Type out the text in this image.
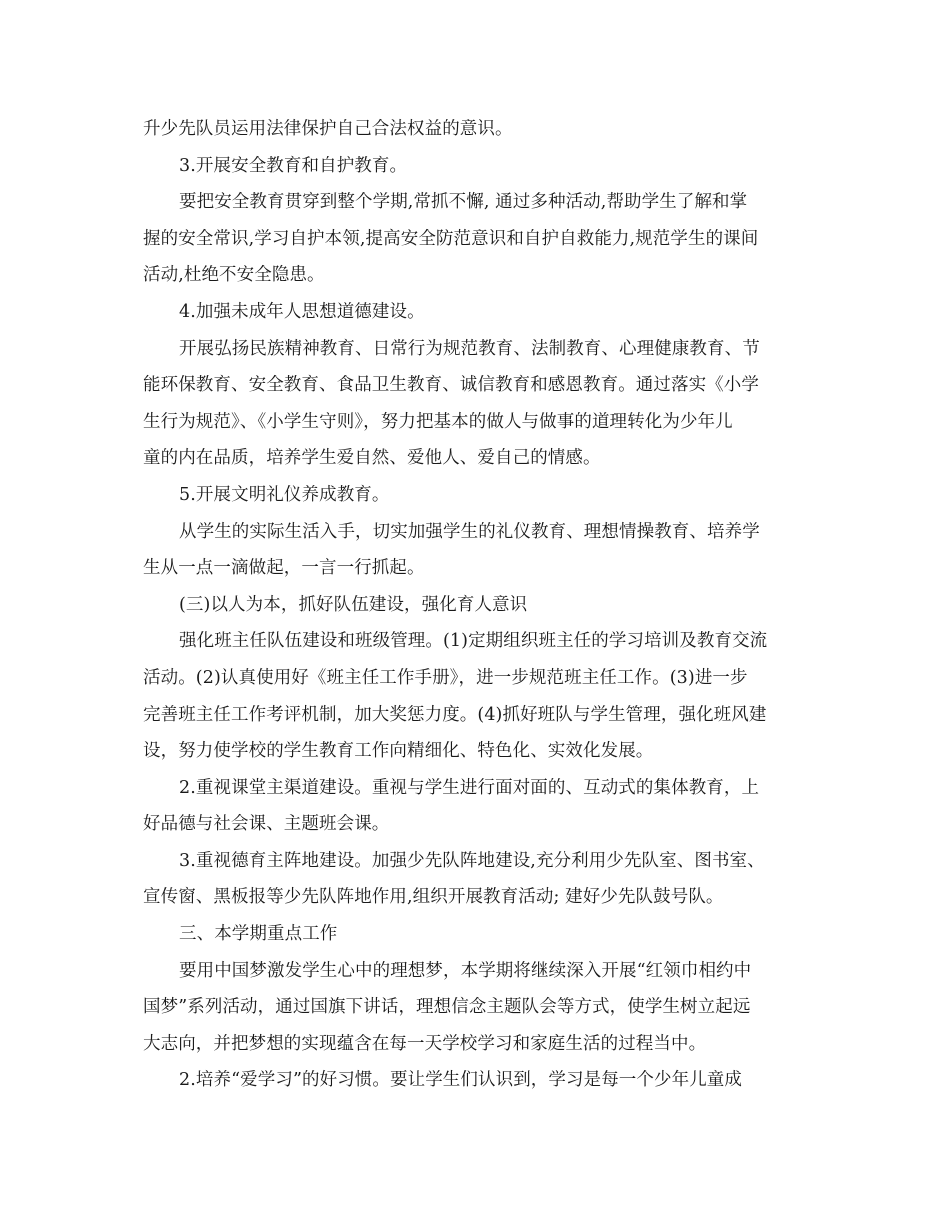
升少先队员运用法律保护自己合法权益的意识。
3.开展安全教育和自护教育。
要把安全教育贯穿到整个学期,常抓不懈, 通过多种活动,帮助学生了解和掌
握的安全常识,学习自护本领,提高安全防范意识和自护自救能力,规范学生的课间
活动,杜绝不安全隐患。
4.加强未成年人思想道德建设。
开展弘扬民族精神教育、日常行为规范教育、法制教育、心理健康教育、节
能环保教育、安全教育、食品卫生教育、诚信教育和感恩教育。通过落实《小学
生行为规范》、《小学生守则》，努力把基本的做人与做事的道理转化为少年儿
童的内在品质，培养学生爱自然、爱他人、爱自己的情感。
5.开展文明礼仪养成教育。
从学生的实际生活入手，切实加强学生的礼仪教育、理想情操教育、培养学
生从一点一滴做起，一言一行抓起。
(三)以人为本，抓好队伍建设，强化育人意识
强化班主任队伍建设和班级管理。(1)定期组织班主任的学习培训及教育交流
活动。(2)认真使用好《班主任工作手册》，进一步规范班主任工作。(3)进一步
完善班主任工作考评机制，加大奖惩力度。(4)抓好班队与学生管理，强化班风建
设，努力使学校的学生教育工作向精细化、特色化、实效化发展。
2.重视课堂主渠道建设。重视与学生进行面对面的、互动式的集体教育，上
好品德与社会课、主题班会课。
3.重视德育主阵地建设。加强少先队阵地建设,充分利用少先队室、图书室、
宣传窗、黑板报等少先队阵地作用,组织开展教育活动; 建好少先队鼓号队。
三、本学期重点工作
要用中国梦激发学生心中的理想梦，本学期将继续深入开展“红领巾相约中
国梦”系列活动，通过国旗下讲话，理想信念主题队会等方式，使学生树立起远
大志向，并把梦想的实现蕴含在每一天学校学习和家庭生活的过程当中。
2.培养“爱学习”的好习惯。要让学生们认识到，学习是每一个少年儿童成
